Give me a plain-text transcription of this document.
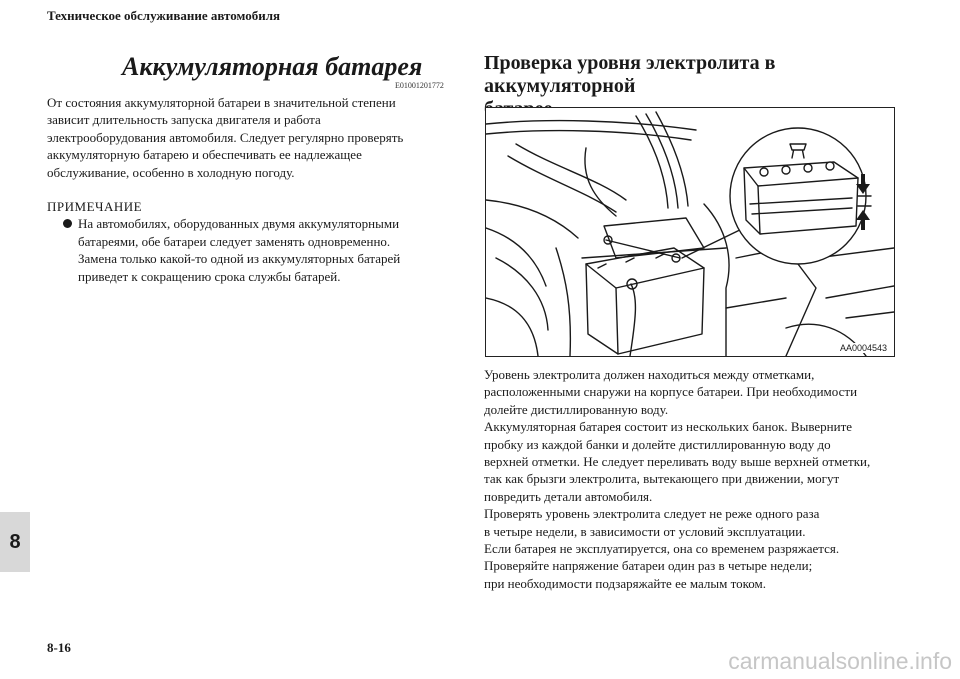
Техническое обслуживание автомобиля
Аккумуляторная батарея
E01001201772

От состояния аккумуляторной батареи в значительной степени

зависит длительность запуска двигателя и работа

электрооборудования автомобиля. Следует регулярно проверять

аккумуляторную батарею и обеспечивать ее надлежащее

обслуживание, особенно в холодную погоду.

ПРИМЕЧАНИЕ

На автомобилях, оборудованных двумя аккумуляторными

батареями, обе батареи следует заменять одновременно.

Замена только какой-то одной из аккумуляторных батарей

приведет к сокращению срока службы батарей.

Проверка уровня электролита в аккумуляторной
AA0004543

Уровень электролита должен находиться между отметками,

расположенными снаружи на корпусе батареи. При необходимости

долейте дистиллированную воду.

Аккумуляторная батарея состоит из нескольких банок. Выверните

пробку из каждой банки и долейте дистиллированную воду до

верхней отметки. Не следует переливать воду выше верхней отметки,

так как брызги электролита, вытекающего при движении, могут

повредить детали автомобиля.

Проверять уровень электролита следует не реже одного раза

в четыре недели, в зависимости от условий эксплуатации.

Если батарея не эксплуатируется, она со временем разряжается.

Проверяйте напряжение батареи один раз в четыре недели;

при необходимости подзаряжайте ее малым током.

8
8-16
carmanualsonline.info
